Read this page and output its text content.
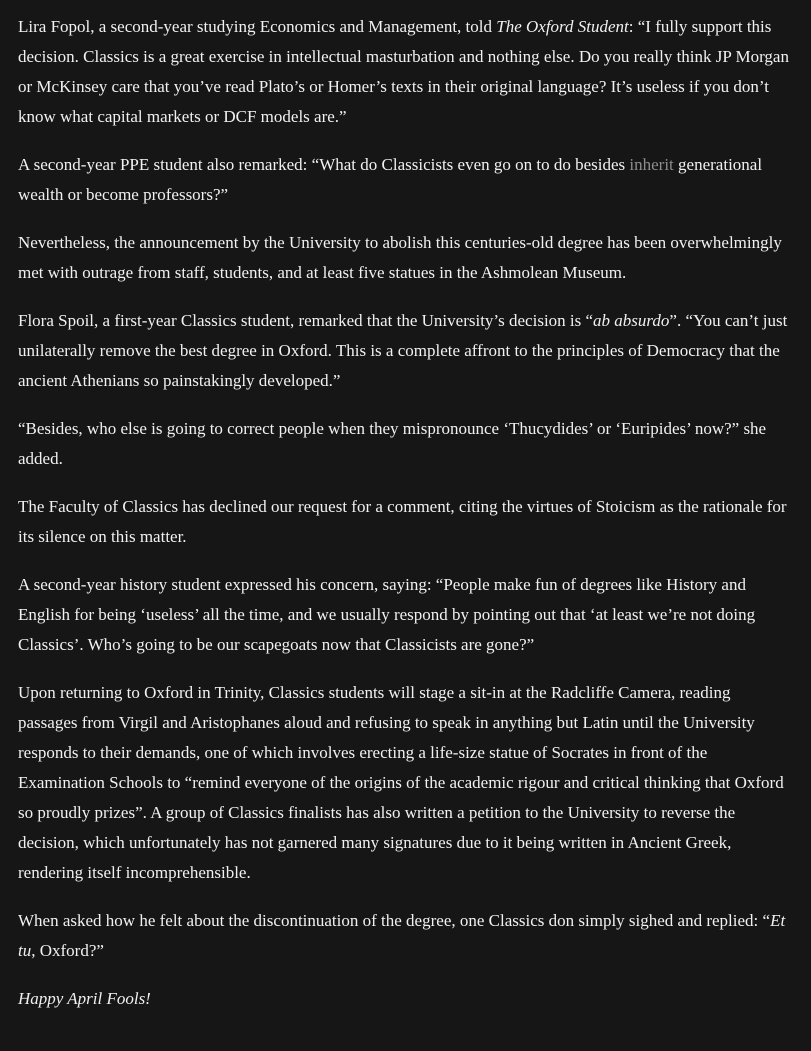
Lira Fopol, a second-year studying Economics and Management, told The Oxford Student: “I fully support this decision. Classics is a great exercise in intellectual masturbation and nothing else. Do you really think JP Morgan or McKinsey care that you’ve read Plato’s or Homer’s texts in their original language? It’s useless if you don’t know what capital markets or DCF models are.”

A second-year PPE student also remarked: “What do Classicists even go on to do besides inherit generational wealth or become professors?”

Nevertheless, the announcement by the University to abolish this centuries-old degree has been overwhelmingly met with outrage from staff, students, and at least five statues in the Ashmolean Museum.

Flora Spoil, a first-year Classics student, remarked that the University’s decision is “ab absurdo”. “You can’t just unilaterally remove the best degree in Oxford. This is a complete affront to the principles of Democracy that the ancient Athenians so painstakingly developed.”

“Besides, who else is going to correct people when they mispronounce ‘Thucydides’ or ‘Euripides’ now?” she added.

The Faculty of Classics has declined our request for a comment, citing the virtues of Stoicism as the rationale for its silence on this matter.

A second-year history student expressed his concern, saying: “People make fun of degrees like History and English for being ‘useless’ all the time, and we usually respond by pointing out that ‘at least we’re not doing Classics’. Who’s going to be our scapegoats now that Classicists are gone?”

Upon returning to Oxford in Trinity, Classics students will stage a sit-in at the Radcliffe Camera, reading passages from Virgil and Aristophanes aloud and refusing to speak in anything but Latin until the University responds to their demands, one of which involves erecting a life-size statue of Socrates in front of the Examination Schools to “remind everyone of the origins of the academic rigour and critical thinking that Oxford so proudly prizes”. A group of Classics finalists has also written a petition to the University to reverse the decision, which unfortunately has not garnered many signatures due to it being written in Ancient Greek, rendering itself incomprehensible.

When asked how he felt about the discontinuation of the degree, one Classics don simply sighed and replied: “Et tu, Oxford?”

Happy April Fools!
